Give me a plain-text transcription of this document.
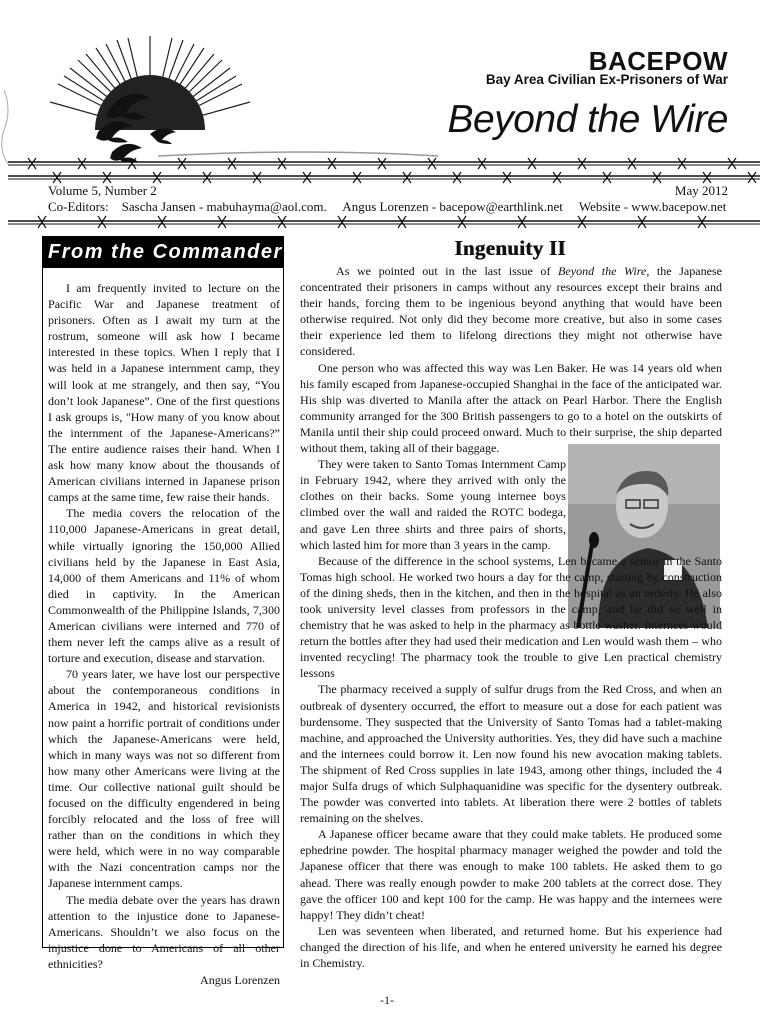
BACEPOW
Bay Area Civilian Ex-Prisoners of War
Beyond the Wire
Volume 5, Number 2	May 2012
Co-Editors:    Sascha Jansen - mabuhayma@aol.com.     Angus Lorenzen - bacepow@earthlink.net     Website - www.bacepow.net
From the Commander

I am frequently invited to lecture on the Pacific War and Japanese treatment of prisoners. Often as I await my turn at the rostrum, someone will ask how I became interested in these topics. When I reply that I was held in a Japanese internment camp, they will look at me strangely, and then say, “You don’t look Japanese”. One of the first questions I ask groups is, "How many of you know about the internment of the Japanese-Americans?” The entire audience raises their hand. When I ask how many know about the thousands of American civilians interned in Japanese prison camps at the same time, few raise their hands.

The media covers the relocation of the 110,000 Japanese-Americans in great detail, while virtually ignoring the 150,000 Allied civilians held by the Japanese in East Asia, 14,000 of them Americans and 11% of whom died in captivity. In the American Commonwealth of the Philippine Islands, 7,300 American civilians were interned and 770 of them never left the camps alive as a result of torture and execution, disease and starvation.

70 years later, we have lost our perspective about the contemporaneous conditions in America in 1942, and historical revisionists now paint a horrific portrait of conditions under which the Japanese-Americans were held, which in many ways was not so different from how many other Americans were living at the time. Our collective national guilt should be focused on the difficulty engendered in being forcibly relocated and the loss of free will rather than on the conditions in which they were held, which were in no way comparable with the Nazi concentration camps nor the Japanese internment camps.

The media debate over the years has drawn attention to the injustice done to Japanese-Americans. Shouldn’t we also focus on the injustice done to Americans of all other ethnicities?

Angus Lorenzen
Ingenuity II

As we pointed out in the last issue of Beyond the Wire, the Japanese concentrated their prisoners in camps without any resources except their brains and their hands, forcing them to be ingenious beyond anything that would have been otherwise required. Not only did they become more creative, but also in some cases their experience led them to lifelong directions they might not otherwise have considered.

One person who was affected this way was Len Baker. He was 14 years old when his family escaped from Japanese-occupied Shanghai in the face of the anticipated war. His ship was diverted to Manila after the attack on Pearl Harbor. There the English community arranged for the 300 British passengers to go to a hotel on the outskirts of Manila until their ship could proceed onward. Much to their surprise, the ship departed without them, taking all of their baggage.

They were taken to Santo Tomas Internment Camp in February 1942, where they arrived with only the clothes on their backs. Some young internee boys climbed over the wall and raided the ROTC bodega, and gave Len three shirts and three pairs of shorts, which lasted him for more than 3 years in the camp.

Because of the difference in the school systems, Len became a senior in the Santo Tomas high school. He worked two hours a day for the camp, starting by construction of the dining sheds, then in the kitchen, and then in the hospital as an orderly. He also took university level classes from professors in the camp, and he did so well in chemistry that he was asked to help in the pharmacy as bottle washer. Internees would return the bottles after they had used their medication and Len would wash them – who invented recycling! The pharmacy took the trouble to give Len practical chemistry lessons

The pharmacy received a supply of sulfur drugs from the Red Cross, and when an outbreak of dysentery occurred, the effort to measure out a dose for each patient was burdensome. They suspected that the University of Santo Tomas had a tablet-making machine, and approached the University authorities. Yes, they did have such a machine and the internees could borrow it. Len now found his new avocation making tablets. The shipment of Red Cross supplies in late 1943, among other things, included the 4 major Sulfa drugs of which Sulphaquanidine was specific for the dysentery outbreak. The powder was converted into tablets. At liberation there were 2 bottles of tablets remaining on the shelves.

A Japanese officer became aware that they could make tablets. He produced some ephedrine powder. The hospital pharmacy manager weighed the powder and told the Japanese officer that there was enough to make 100 tablets. He asked them to go ahead. There was really enough powder to make 200 tablets at the correct dose. They gave the officer 100 and kept 100 for the camp. He was happy and the internees were happy! They didn’t cheat!

Len was seventeen when liberated, and returned home. But his experience had changed the direction of his life, and when he entered university he earned his degree in Chemistry.

-1-
